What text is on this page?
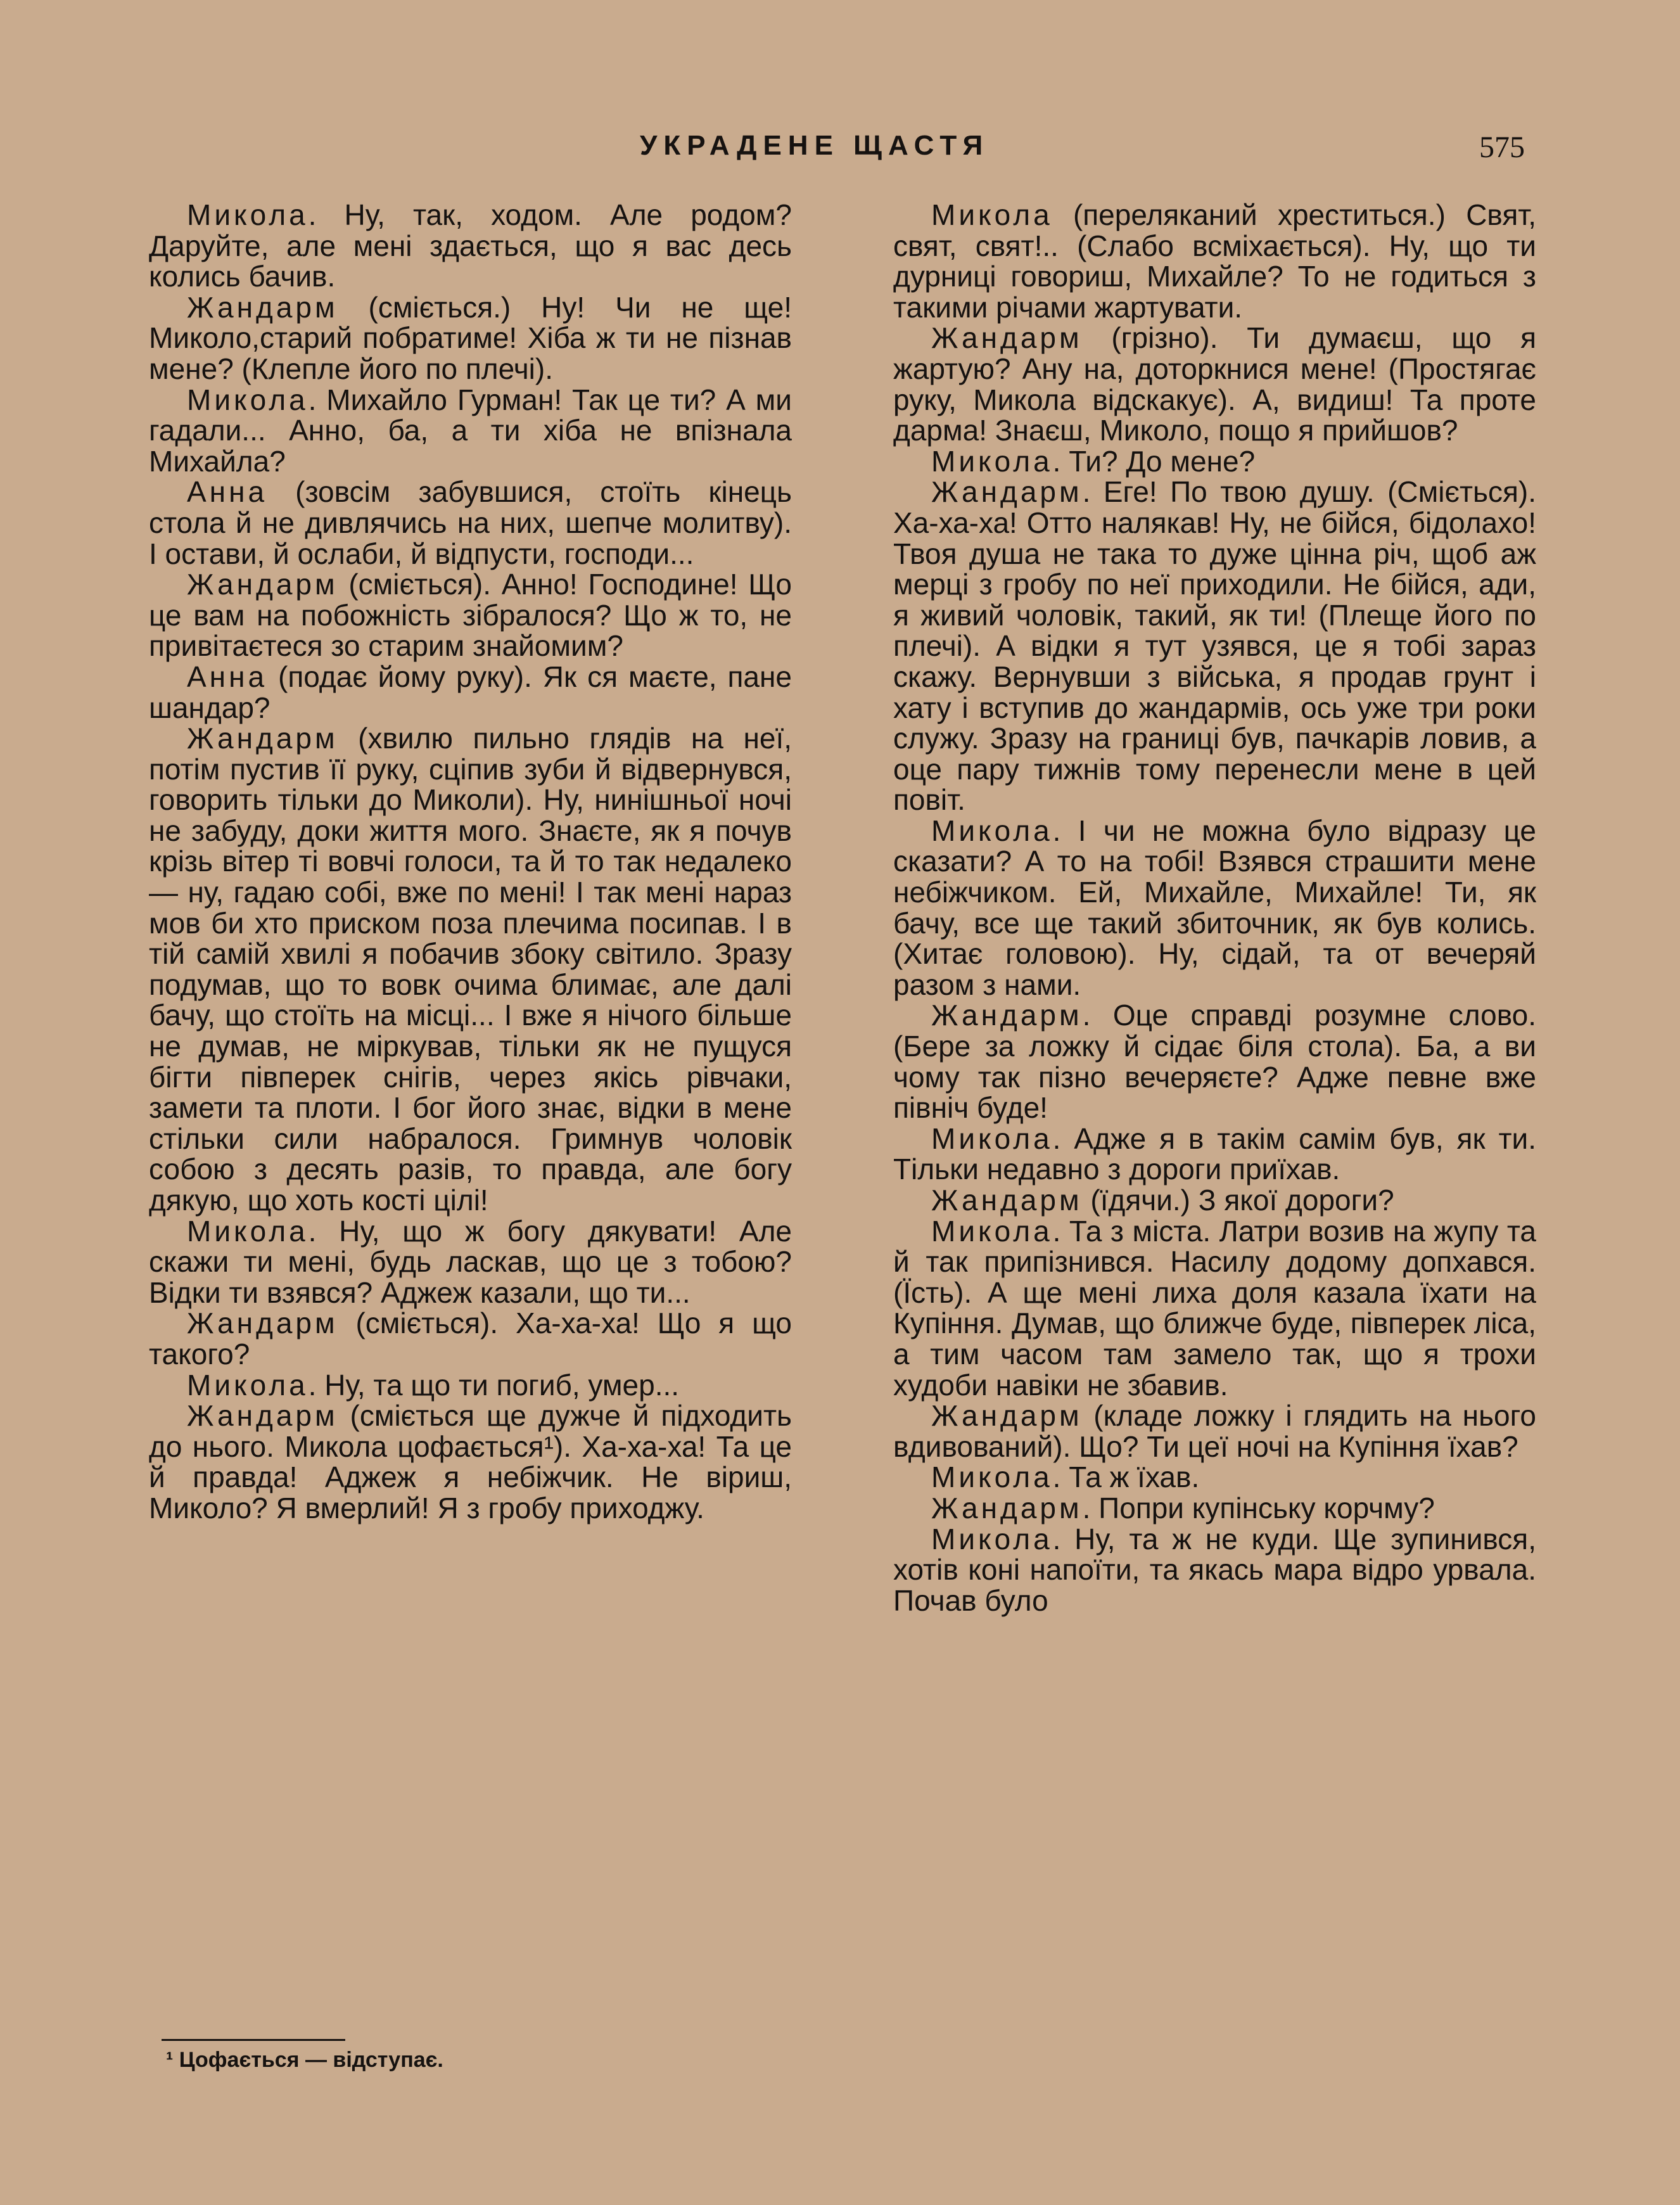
УКРАДЕНЕ ЩАСТЯ	575

Микола. Ну, так, ходом. Але родом? Даруйте, але мені здається, що я вас десь колись бачив.

Жандарм (сміється.) Ну! Чи не ще! Миколо,старий побратиме! Хіба ж ти не пізнав мене? (Клепле його по плечі).

Микола. Михайло Гурман! Так це ти? А ми гадали... Анно, ба, а ти хіба не впізнала Михайла?

Анна (зовсім забувшися, стоїть кінець стола й не дивлячись на них, шепче молитву). І остави, й ослаби, й відпусти, господи...

Жандарм (сміється). Анно! Господине! Що це вам на побожність зібралося? Що ж то, не привітаєтеся зо старим знайомим?

Анна (подає йому руку). Як ся маєте, пане шандар?

Жандарм (хвилю пильно глядів на неї, потім пустив її руку, сціпив зуби й відвернувся, говорить тільки до Миколи). Ну, нинішньої ночі не забуду, доки життя мого. Знаєте, як я почув крізь вітер ті вовчі голоси, та й то так недалеко — ну, гадаю собі, вже по мені! І так мені нараз мов би хто приском поза плечима посипав. І в тій самій хвилі я побачив збоку світило. Зразу подумав, що то вовк очима блимає, але далі бачу, що стоїть на місці... І вже я нічого більше не думав, не міркував, тільки як не пущуся бігти півперек снігів, через якісь рівчаки, замети та плоти. І бог його знає, відки в мене стільки сили набралося. Гримнув чоловік собою з десять разів, то правда, але богу дякую, що хоть кості цілі!

Микола. Ну, що ж богу дякувати! Але скажи ти мені, будь ласкав, що це з тобою? Відки ти взявся? Аджеж казали, що ти...

Жандарм (сміється). Ха-ха-ха! Що я що такого?

Микола. Ну, та що ти погиб, умер...

Жандарм (сміється ще дужче й підходить до нього. Микола цофається¹). Ха-ха-ха! Та це й правда! Аджеж я небіжчик. Не віриш, Миколо? Я вмерлий! Я з гробу приходжу.

Микола (переляканий хреститься.) Свят, свят, свят!.. (Слабо всміхається). Ну, що ти дурниці говориш, Михайле? То не годиться з такими річами жартувати.

Жандарм (грізно). Ти думаєш, що я жартую? Ану на, доторкнися мене! (Простягає руку, Микола відскакує). А, видиш! Та проте дарма! Знаєш, Миколо, пощо я прийшов?

Микола. Ти? До мене?

Жандарм. Еге! По твою душу. (Сміється). Ха-ха-ха! Отто налякав! Ну, не бійся, бідолахо! Твоя душа не така то дуже цінна річ, щоб аж мерці з гробу по неї приходили. Не бійся, ади, я живий чоловік, такий, як ти! (Плеще його по плечі). А відки я тут узявся, це я тобі зараз скажу. Вернувши з війська, я продав грунт і хату і вступив до жандармів, ось уже три роки служу. Зразу на границі був, пачкарів ловив, а оце пару тижнів тому перенесли мене в цей повіт.

Микола. І чи не можна було відразу це сказати? А то на тобі! Взявся страшити мене небіжчиком. Ей, Михайле, Михайле! Ти, як бачу, все ще такий збиточник, як був колись. (Хитає головою). Ну, сідай, та от вечеряй разом з нами.

Жандарм. Оце справді розумне слово. (Бере за ложку й сідає біля стола). Ба, а ви чому так пізно вечеряєте? Адже певне вже північ буде!

Микола. Адже я в такім самім був, як ти. Тільки недавно з дороги приїхав.

Жандарм (їдячи.) З якої дороги?

Микола. Та з міста. Латри возив на жупу та й так припізнився. Насилу додому допхався. (Їсть). А ще мені лиха доля казала їхати на Купіння. Думав, що ближче буде, півперек ліса, а тим часом там замело так, що я трохи худоби навіки не збавив.

Жандарм (кладе ложку і глядить на нього вдивований). Що? Ти цеї ночі на Купіння їхав?

Микола. Та ж їхав.

Жандарм. Попри купінську корчму?

Микола. Ну, та ж не куди. Ще зупинився, хотів коні напоїти, та якась мара відро урвала. Почав було

¹ Цофається — відступає.
